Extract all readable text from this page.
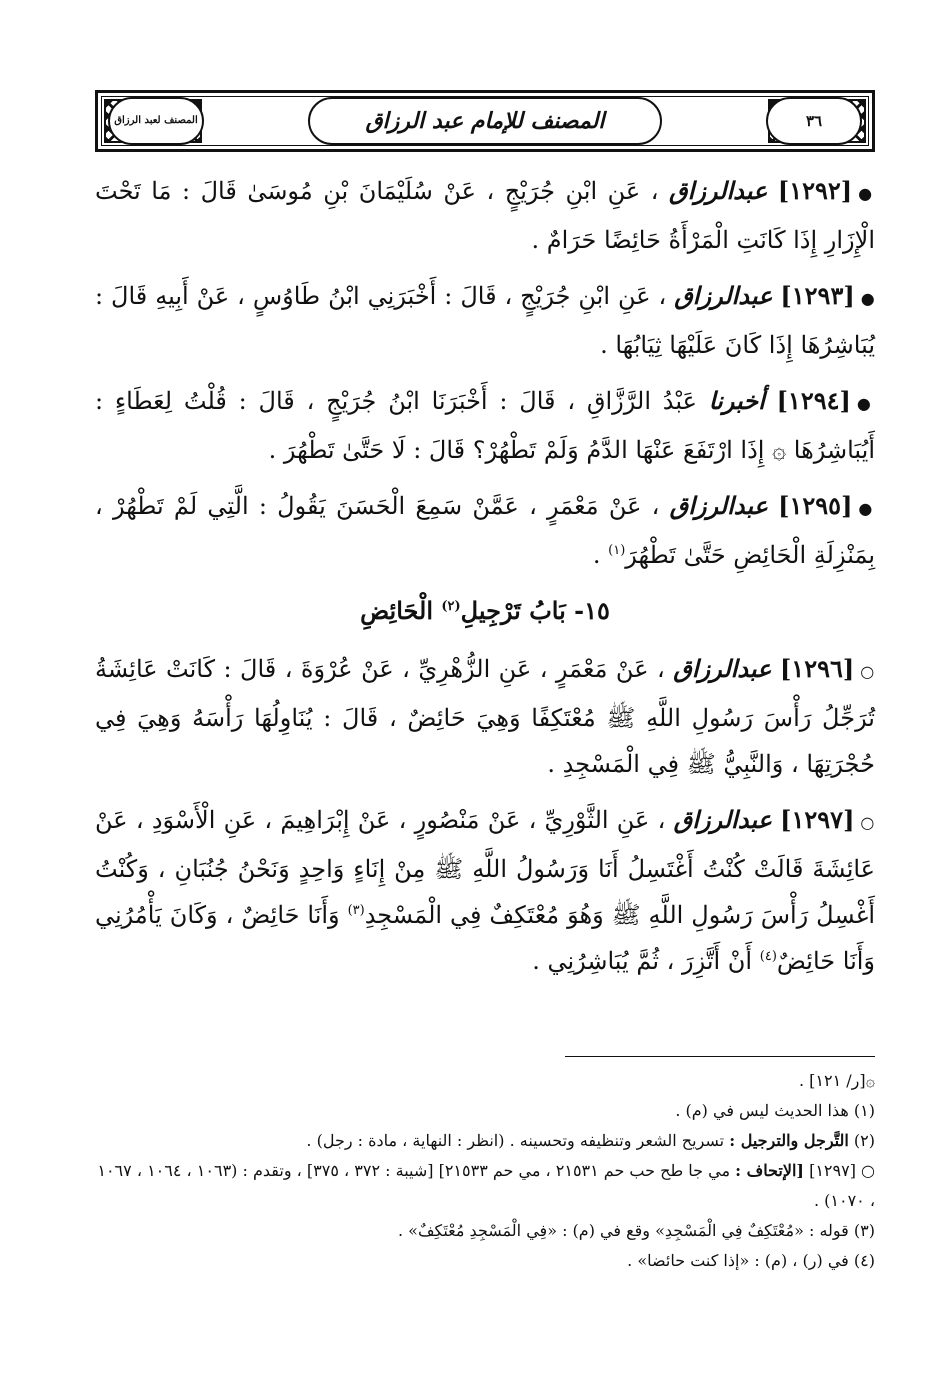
٣٦
المصنف لعبد الرزاق	المصنف للإمام عبد الرزاق

●[١٢٩٢] عبدالرزاق ، عَنِ ابْنِ جُرَيْجٍ ، عَنْ سُلَيْمَانَ بْنِ مُوسَىٰ قَالَ : مَا تَحْتَ الْإِزَارِ إِذَا كَانَتِ الْمَرْأَةُ حَائِضًا حَرَامٌ .

●[١٢٩٣] عبدالرزاق ، عَنِ ابْنِ جُرَيْجٍ ، قَالَ : أَخْبَرَنِي ابْنُ طَاوُسٍ ، عَنْ أَبِيهِ قَالَ : يُبَاشِرُهَا إِذَا كَانَ عَلَيْهَا ثِيَابُهَا .

●[١٢٩٤] أخبرنا عَبْدُ الرَّزَّاقِ ، قَالَ : أَخْبَرَنَا ابْنُ جُرَيْجٍ ، قَالَ : قُلْتُ لِعَطَاءٍ : أَيُبَاشِرُهَا ۞ إِذَا ارْتَفَعَ عَنْهَا الدَّمُ وَلَمْ تَطْهُرْ؟ قَالَ : لَا حَتَّىٰ تَطْهُرَ .

●[١٢٩٥] عبدالرزاق ، عَنْ مَعْمَرٍ ، عَمَّنْ سَمِعَ الْحَسَنَ يَقُولُ : الَّتِي لَمْ تَطْهُرْ ، بِمَنْزِلَةِ الْحَائِضِ حَتَّىٰ تَطْهُرَ$^{(١)}$ .

١٥- بَابُ تَرْجِيلِ$^{(٢)}$ الْحَائِضِ

○[١٢٩٦] عبدالرزاق ، عَنْ مَعْمَرٍ ، عَنِ الزُّهْرِيِّ ، عَنْ عُرْوَةَ ، قَالَ : كَانَتْ عَائِشَةُ تُرَجِّلُ رَأْسَ رَسُولِ اللَّهِ ﷺ مُعْتَكِفًا وَهِيَ حَائِضٌ ، قَالَ : يُنَاوِلُهَا رَأْسَهُ وَهِيَ فِي حُجْرَتِهَا ، وَالنَّبِيُّ ﷺ فِي الْمَسْجِدِ .

○[١٢٩٧] عبدالرزاق ، عَنِ الثَّوْرِيِّ ، عَنْ مَنْصُورٍ ، عَنْ إِبْرَاهِيمَ ، عَنِ الْأَسْوَدِ ، عَنْ عَائِشَةَ قَالَتْ كُنْتُ أَغْتَسِلُ أَنَا وَرَسُولُ اللَّهِ ﷺ مِنْ إِنَاءٍ وَاحِدٍ وَنَحْنُ جُنُبَانِ ، وَكُنْتُ أَغْسِلُ رَأْسَ رَسُولِ اللَّهِ ﷺ وَهُوَ مُعْتَكِفٌ فِي الْمَسْجِدِ$^{(٣)}$ وَأَنَا حَائِضٌ ، وَكَانَ يَأْمُرُنِي وَأَنَا حَائِضٌ$^{(٤)}$ أَنْ أَتَّزِرَ ، ثُمَّ يُبَاشِرُنِي .

۞[ر/ ١٢١] .

(١) هذا الحديث ليس في (م) .

(٢) التَّرجل والترجيل : تسريح الشعر وتنظيفه وتحسينه . (انظر : النهاية ، مادة : رجل) .

○ [١٢٩٧] [الإتحاف : مي جا طح حب حم ٢١٥٣١ ، مي حم ٢١٥٣٣] [شيبة : ٣٧٢ ، ٣٧٥] ، وتقدم : (١٠٦٣ ، ١٠٦٤ ، ١٠٦٧ ، ١٠٧٠) .

(٣) قوله : «مُعْتَكِفٌ فِي الْمَسْجِدِ» وقع في (م) : «فِي الْمَسْجِدِ مُعْتَكِفٌ» .

(٤) في (ر) ، (م) : «إذا كنت حائضا» .
